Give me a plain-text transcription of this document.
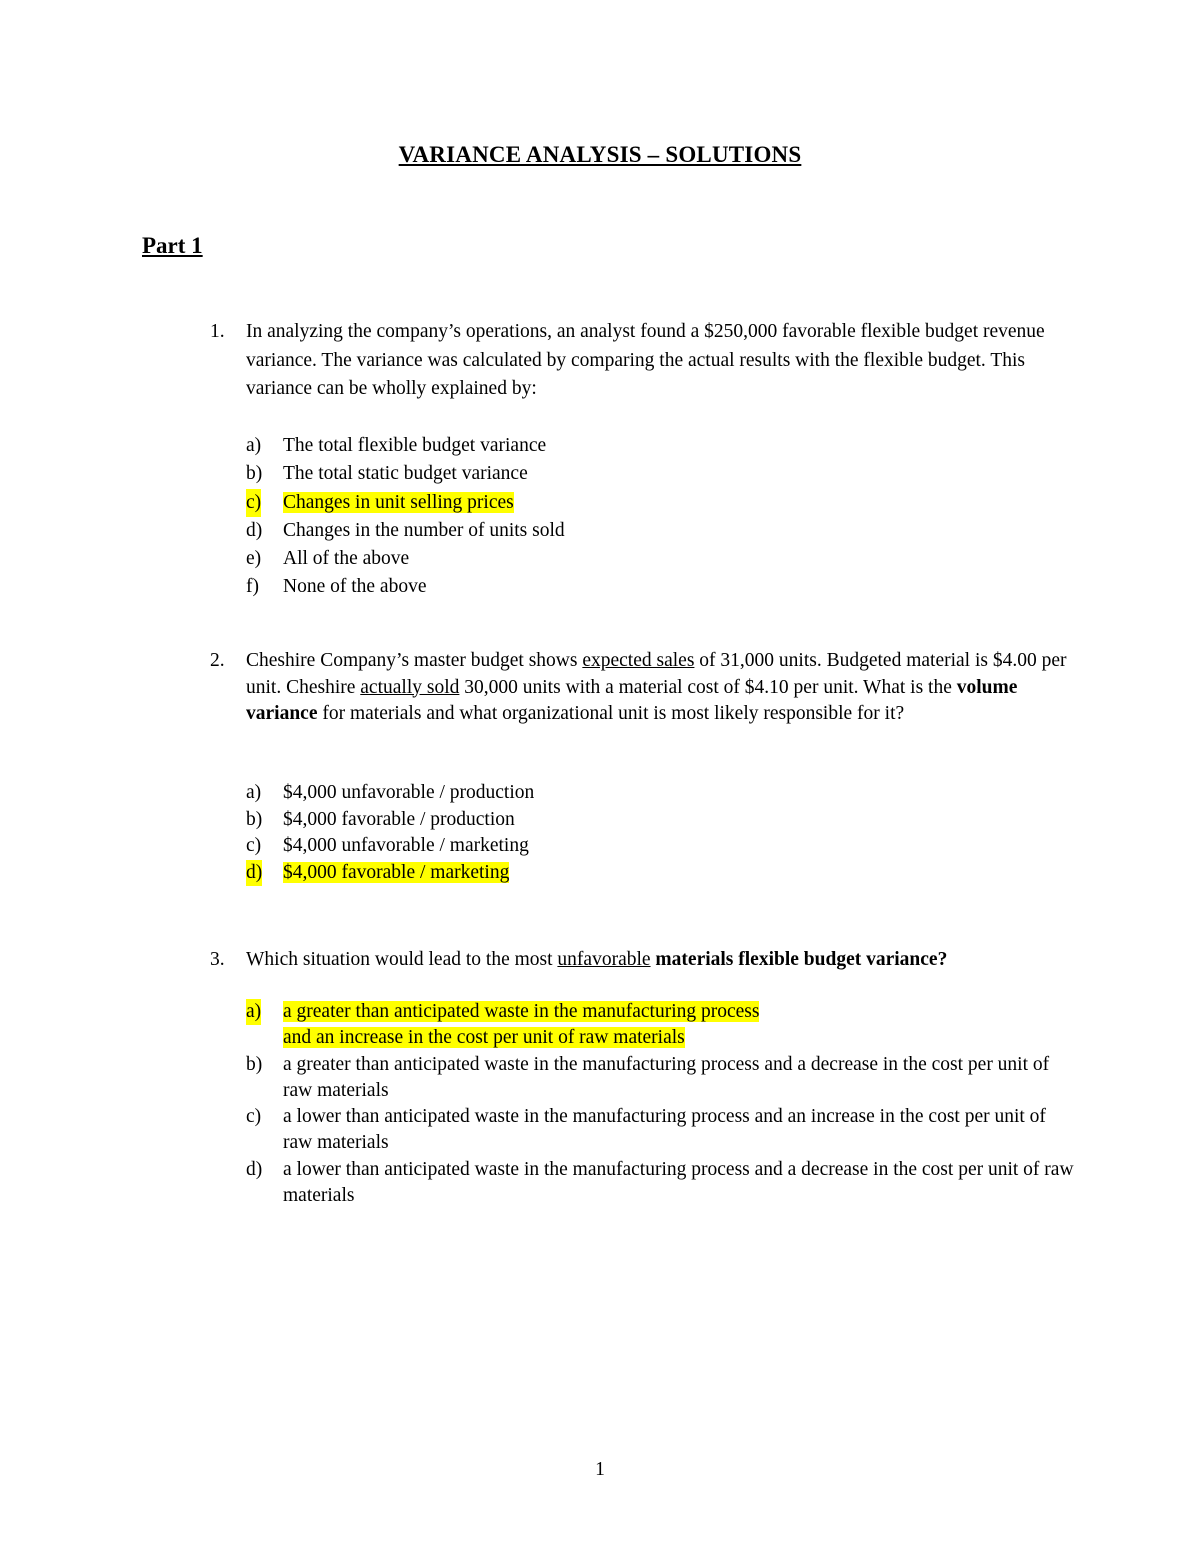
VARIANCE ANALYSIS – SOLUTIONS
Part 1
1. In analyzing the company’s operations, an analyst found a $250,000 favorable flexible budget revenue variance. The variance was calculated by comparing the actual results with the flexible budget. This variance can be wholly explained by:
a) The total flexible budget variance
b) The total static budget variance
c) Changes in unit selling prices
d) Changes in the number of units sold
e) All of the above
f) None of the above
2. Cheshire Company’s master budget shows expected sales of 31,000 units. Budgeted material is $4.00 per unit. Cheshire actually sold 30,000 units with a material cost of $4.10 per unit. What is the volume variance for materials and what organizational unit is most likely responsible for it?
a) $4,000 unfavorable / production
b) $4,000 favorable / production
c) $4,000 unfavorable / marketing
d) $4,000 favorable / marketing
3. Which situation would lead to the most unfavorable materials flexible budget variance?
a) a greater than anticipated waste in the manufacturing process
and an increase in the cost per unit of raw materials
b) a greater than anticipated waste in the manufacturing process and a decrease in the cost per unit of raw materials
c) a lower than anticipated waste in the manufacturing process and an increase in the cost per unit of raw materials
d) a lower than anticipated waste in the manufacturing process and a decrease in the cost per unit of raw materials
1
